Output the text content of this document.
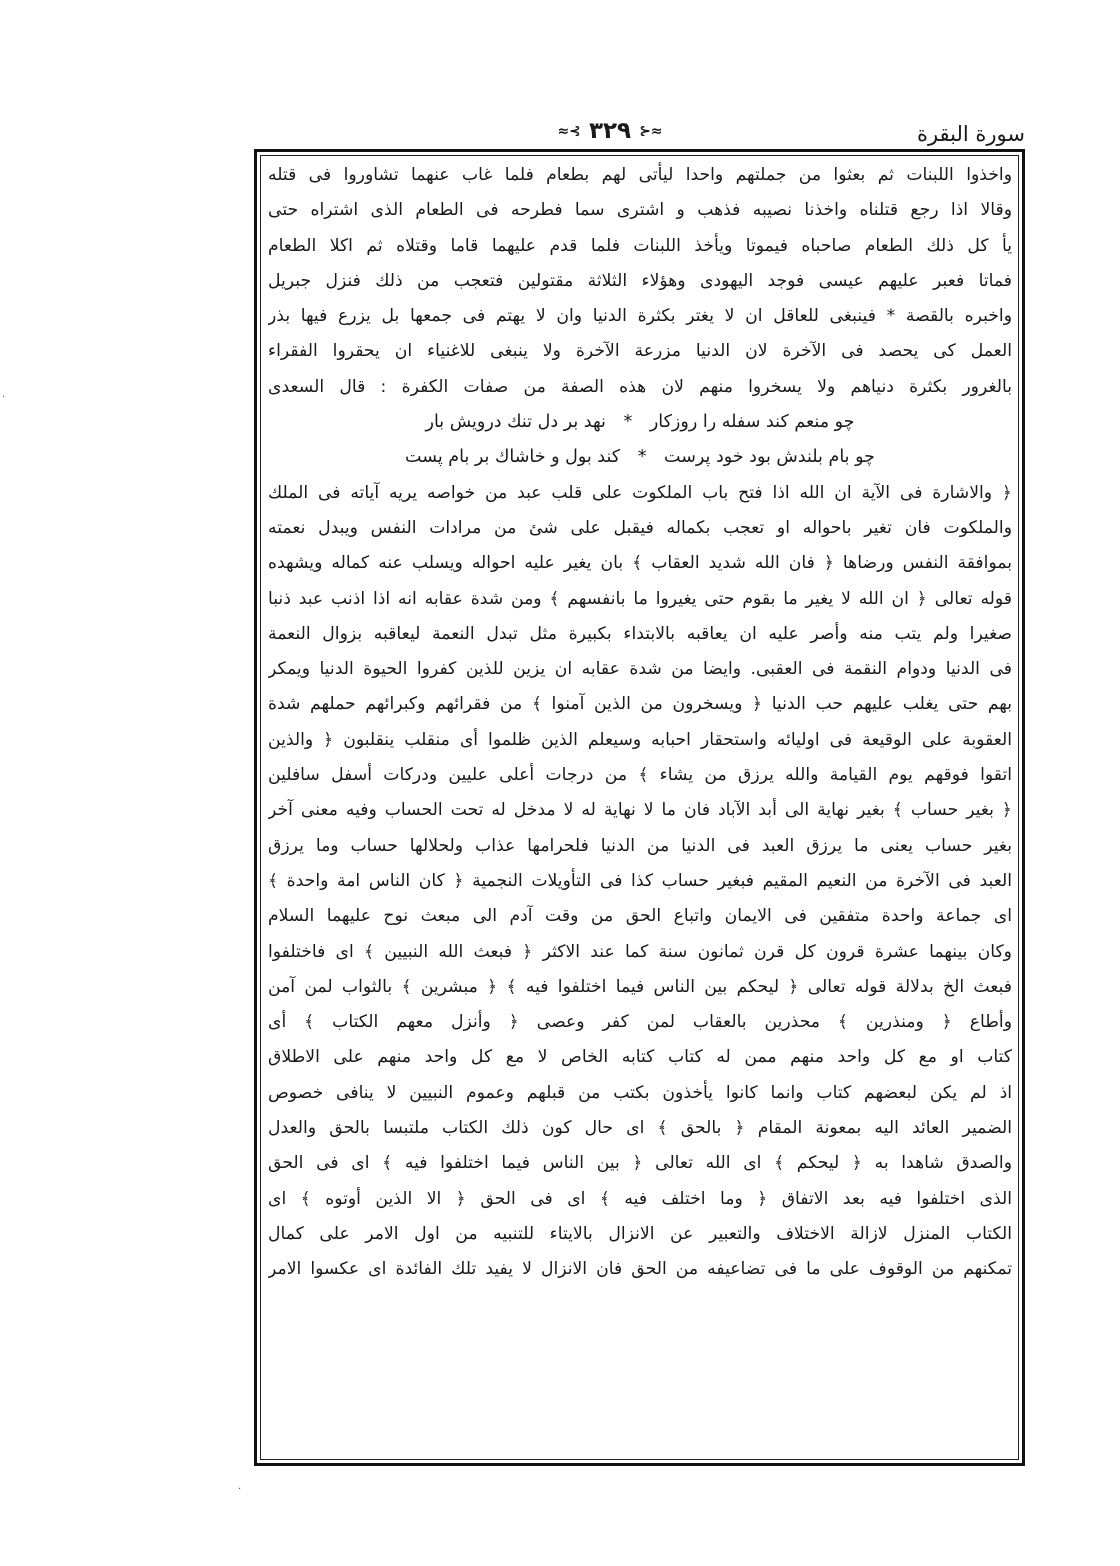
سورة البقرة
≈⊰ ٣٢٩ ⊱≈
واخذوا اللبنات ثم بعثوا من جملتهم واحدا ليأتى لهم بطعام فلما غاب عنهما تشاوروا فى قتله
وقالا اذا رجع قتلناه واخذنا نصيبه فذهب و اشترى سما فطرحه فى الطعام الذى اشتراه حتى
يأ كل ذلك الطعام صاحباه فيموتا ويأخذ اللبنات فلما قدم عليهما قاما وقتلاه ثم اكلا الطعام
فماتا فعبر عليهم عيسى فوجد اليهودى وهؤلاء الثلاثة مقتولين فتعجب من ذلك فنزل جبريل
واخبره بالقصة * فينبغى للعاقل ان لا يغتر بكثرة الدنيا وان لا يهتم فى جمعها بل يزرع فيها بذر
العمل كى يحصد فى الآخرة لان الدنيا مزرعة الآخرة ولا ينبغى للاغنياء ان يحقروا الفقراء
بالغرور بكثرة دنياهم ولا يسخروا منهم لان هذه الصفة من صفات الكفرة : قال السعدى
چو منعم كند سفله را روزكار * نهد بر دل تنك درويش بار
چو بام بلندش بود خود پرست * كند بول و خاشاك بر بام پست
﴿ والاشارة فى الآية ان الله اذا فتح باب الملكوت على قلب عبد من خواصه يريه آياته فى الملك
والملكوت فان تغير باحواله او تعجب بكماله فيقبل على شئ من مرادات النفس ويبدل نعمته
بموافقة النفس ورضاها ﴿ فان الله شديد العقاب ﴾ بان يغير عليه احواله ويسلب عنه كماله ويشهده
قوله تعالى ﴿ ان الله لا يغير ما بقوم حتى يغيروا ما بانفسهم ﴾ ومن شدة عقابه انه اذا اذنب عبد ذنبا
صغيرا ولم يتب منه وأصر عليه ان يعاقبه بالابتداء بكبيرة مثل تبدل النعمة ليعاقبه بزوال النعمة
فى الدنيا ودوام النقمة فى العقبى. وايضا من شدة عقابه ان يزين للذين كفروا الحيوة الدنيا ويمكر
بهم حتى يغلب عليهم حب الدنيا ﴿ ويسخرون من الذين آمنوا ﴾ من فقرائهم وكبرائهم حملهم شدة
العقوبة على الوقيعة فى اوليائه واستحقار احبابه وسيعلم الذين ظلموا أى منقلب ينقلبون ﴿ والذين
اتقوا فوقهم يوم القيامة والله يرزق من يشاء ﴾ من درجات أعلى عليين ودركات أسفل سافلين
﴿ بغير حساب ﴾ بغير نهاية الى أبد الآباد فان ما لا نهاية له لا مدخل له تحت الحساب وفيه معنى آخر
بغير حساب يعنى ما يرزق العبد فى الدنيا من الدنيا فلحرامها عذاب ولحلالها حساب وما يرزق
العبد فى الآخرة من النعيم المقيم فبغير حساب كذا فى التأويلات النجمية ﴿ كان الناس امة واحدة ﴾
اى جماعة واحدة متفقين فى الايمان واتباع الحق من وقت آدم الى مبعث نوح عليهما السلام
وكان بينهما عشرة قرون كل قرن ثمانون سنة كما عند الاكثر ﴿ فبعث الله النبيين ﴾ اى فاختلفوا
فبعث الخ بدلالة قوله تعالى ﴿ ليحكم بين الناس فيما اختلفوا فيه ﴾ ﴿ مبشرين ﴾ بالثواب لمن آمن
وأطاع ﴿ ومنذرين ﴾ محذرين بالعقاب لمن كفر وعصى ﴿ وأنزل معهم الكتاب ﴾ أى
كتاب او مع كل واحد منهم ممن له كتاب كتابه الخاص لا مع كل واحد منهم على الاطلاق
اذ لم يكن لبعضهم كتاب وانما كانوا يأخذون بكتب من قبلهم وعموم النبيين لا ينافى خصوص
الضمير العائد اليه بمعونة المقام ﴿ بالحق ﴾ اى حال كون ذلك الكتاب ملتبسا بالحق والعدل
والصدق شاهدا به ﴿ ليحكم ﴾ اى الله تعالى ﴿ بين الناس فيما اختلفوا فيه ﴾ اى فى الحق
الذى اختلفوا فيه بعد الاتفاق ﴿ وما اختلف فيه ﴾ اى فى الحق ﴿ الا الذين أوتوه ﴾ اى
الكتاب المنزل لازالة الاختلاف والتعبير عن الانزال بالايتاء للتنبيه من اول الامر على كمال
تمكنهم من الوقوف على ما فى تضاعيفه من الحق فان الانزال لا يفيد تلك الفائدة اى عكسوا الامر
·
·
